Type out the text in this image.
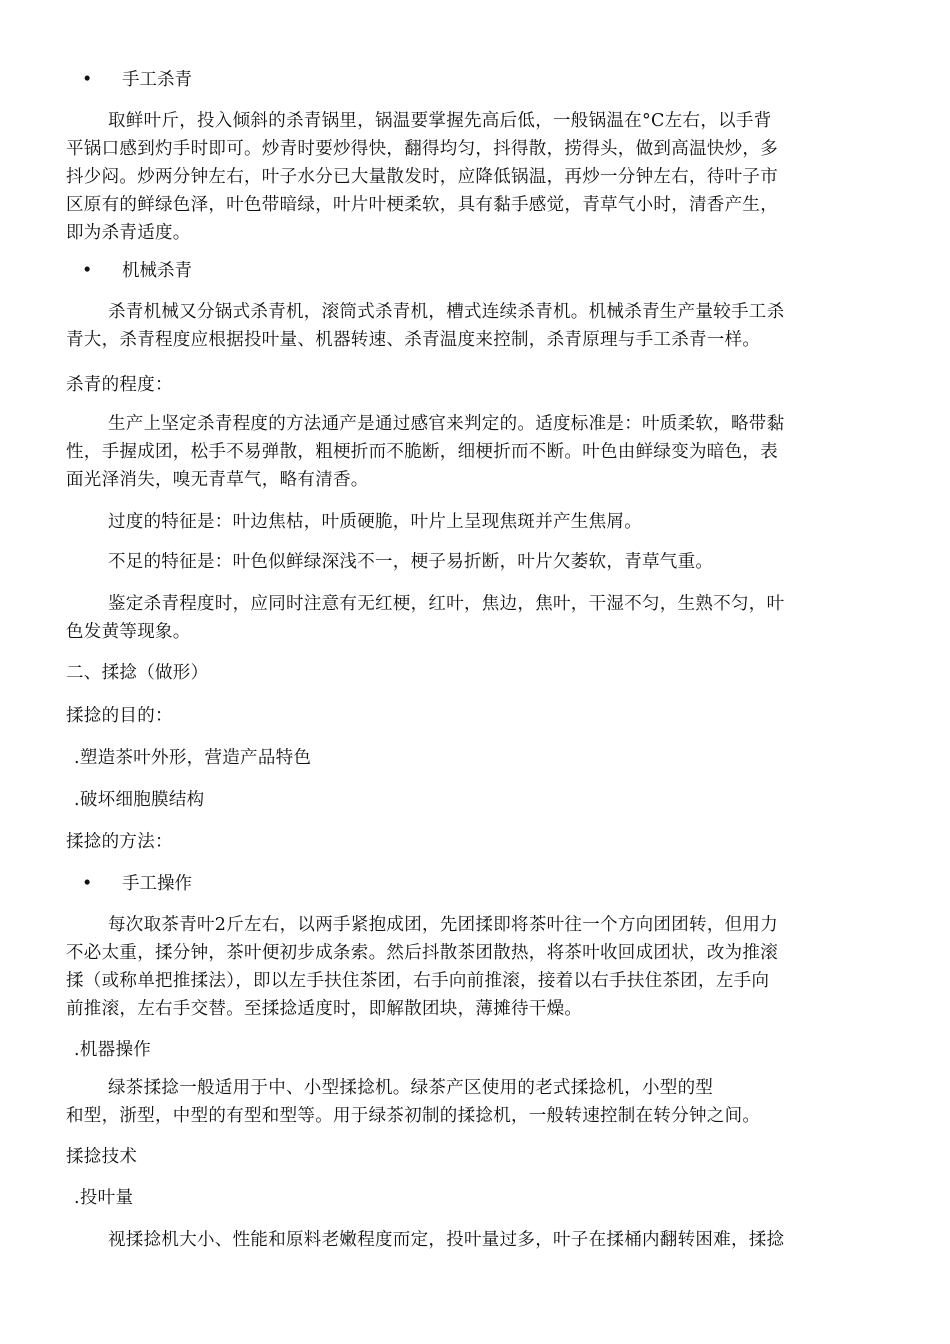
• 手工杀青
取鲜叶斤，投入倾斜的杀青锅里，锅温要掌握先高后低，一般锅温在°C左右，以手背
平锅口感到灼手时即可。炒青时要炒得快，翻得均匀，抖得散，捞得头，做到高温快炒，多
抖少闷。炒两分钟左右，叶子水分已大量散发时，应降低锅温，再炒一分钟左右，待叶子市
区原有的鲜绿色泽，叶色带暗绿，叶片叶梗柔软，具有黏手感觉，青草气小时，清香产生，
即为杀青适度。
• 机械杀青
杀青机械又分锅式杀青机，滚筒式杀青机，槽式连续杀青机。机械杀青生产量较手工杀
青大，杀青程度应根据投叶量、机器转速、杀青温度来控制，杀青原理与手工杀青一样。
杀青的程度：
生产上坚定杀青程度的方法通产是通过感官来判定的。适度标准是：叶质柔软，略带黏
性，手握成团，松手不易弹散，粗梗折而不脆断，细梗折而不断。叶色由鲜绿变为暗色，表
面光泽消失，嗅无青草气，略有清香。
过度的特征是：叶边焦枯，叶质硬脆，叶片上呈现焦斑并产生焦屑。
不足的特征是：叶色似鲜绿深浅不一，梗子易折断，叶片欠萎软，青草气重。
鉴定杀青程度时，应同时注意有无红梗，红叶，焦边，焦叶，干湿不匀，生熟不匀，叶
色发黄等现象。
二、揉捻（做形）
揉捻的目的：
.塑造茶叶外形，营造产品特色
.破坏细胞膜结构
揉捻的方法：
• 手工操作
每次取茶青叶2斤左右，以两手紧抱成团，先团揉即将茶叶往一个方向团团转，但用力
不必太重，揉分钟，茶叶便初步成条索。然后抖散茶团散热，将茶叶收回成团状，改为推滚
揉（或称单把推揉法），即以左手扶住茶团，右手向前推滚，接着以右手扶住茶团，左手向
前推滚，左右手交替。至揉捻适度时，即解散团块，薄摊待干燥。
.机器操作
绿茶揉捻一般适用于中、小型揉捻机。绿茶产区使用的老式揉捻机，小型的型
和型，浙型，中型的有型和型等。用于绿茶初制的揉捻机，一般转速控制在转分钟之间。
揉捻技术
.投叶量
视揉捻机大小、性能和原料老嫩程度而定，投叶量过多，叶子在揉桶内翻转困难，揉捻
